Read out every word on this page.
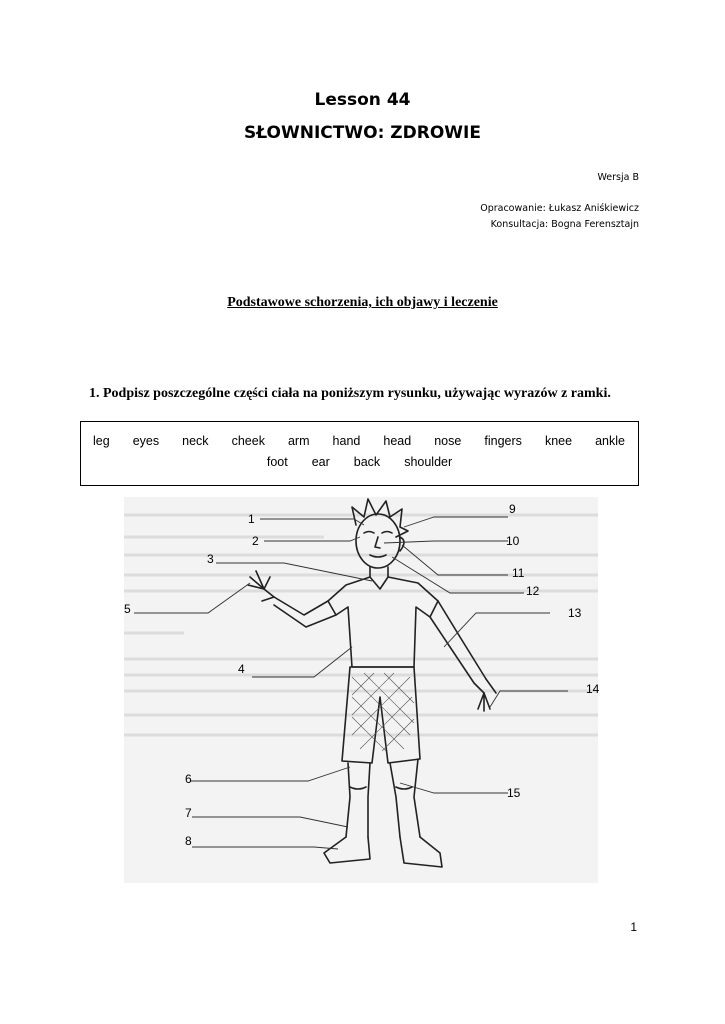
Lesson 44
SŁOWNICTWO: ZDROWIE
Wersja B
Opracowanie: Łukasz Aniśkiewicz
Konsultacja: Bogna Ferensztajn
Podstawowe schorzenia, ich objawy i leczenie
1. Podpisz poszczególne części ciała na poniższym rysunku, używając wyrazów z ramki.
leg eyes neck cheek arm hand head nose fingers knee ankle
foot ear back shoulder
1
2
3
4
5
6
7
8
9
10
11
12
13
14
15
1
